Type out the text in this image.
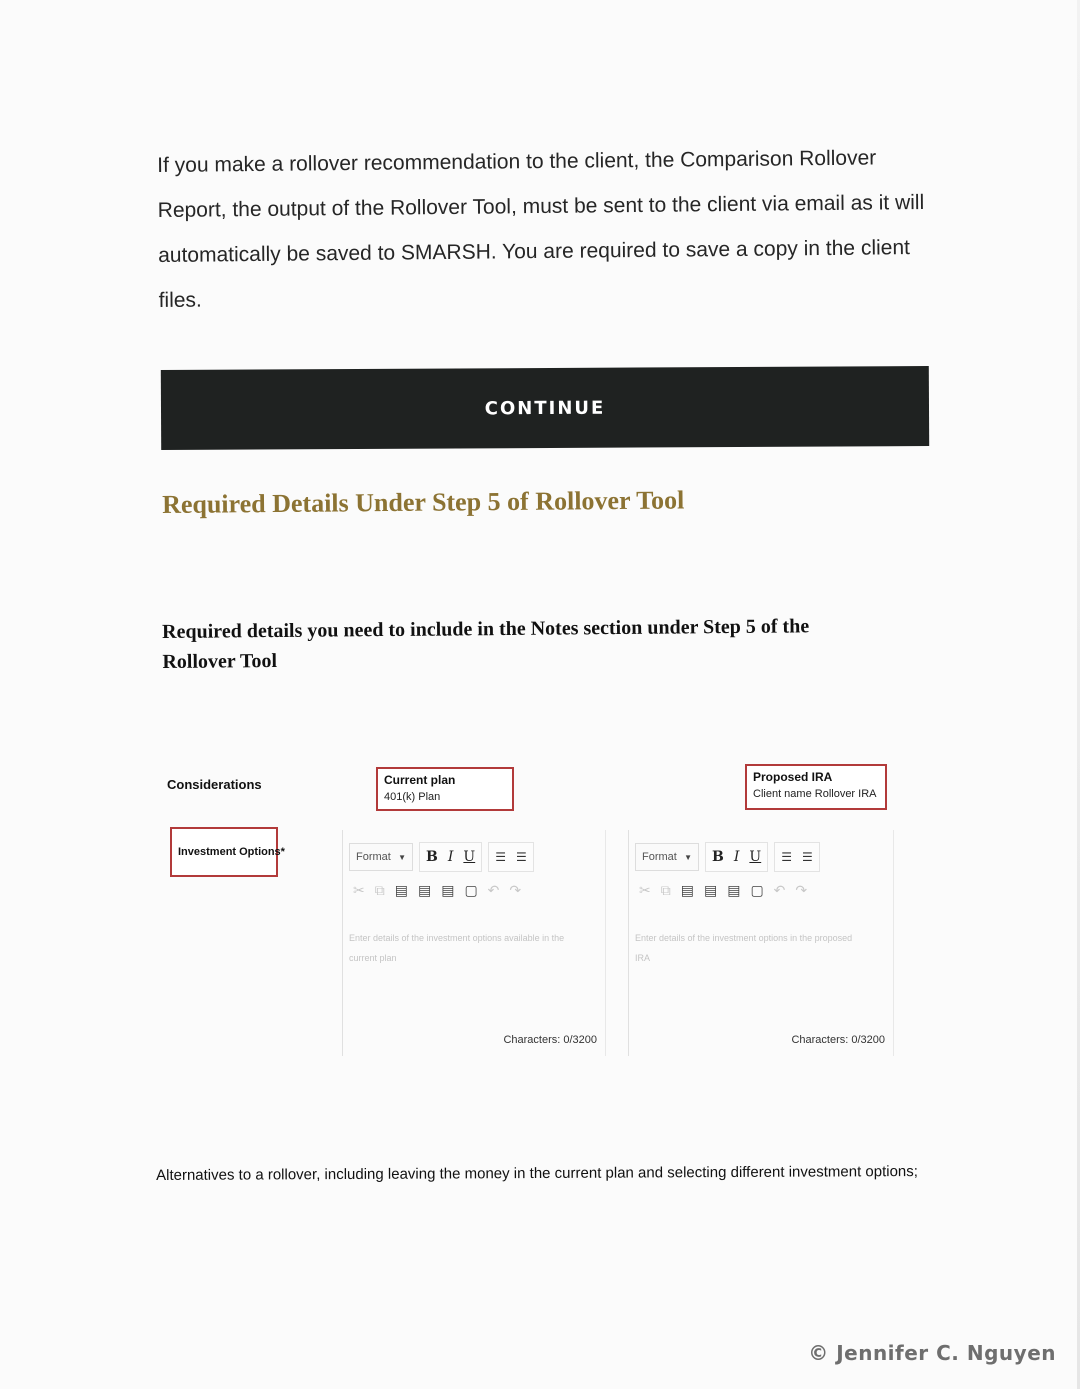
If you make a rollover recommendation to the client, the Comparison Rollover Report, the output of the Rollover Tool, must be sent to the client via email as it will automatically be saved to SMARSH. You are required to save a copy in the client files.

CONTINUE
Required Details Under Step 5 of Rollover Tool

Required details you need to include in the Notes section under Step 5 of the Rollover Tool

Considerations
Investment Options*
Current plan
401(k) Plan
Proposed IRA
Client name Rollover IRA
Format ▼ B I U ☰ ☰
✂ ⧉ ▤ ▤ ▤ ▢ ↶ ↷
Enter details of the investment options available in the current plan
Characters: 0/3200
Format ▼ B I U ☰ ☰
✂ ⧉ ▤ ▤ ▤ ▢ ↶ ↷
Enter details of the investment options in the proposed IRA
Characters: 0/3200

Alternatives to a rollover, including leaving the money in the current plan and selecting different investment options;

© Jennifer C. Nguyen
